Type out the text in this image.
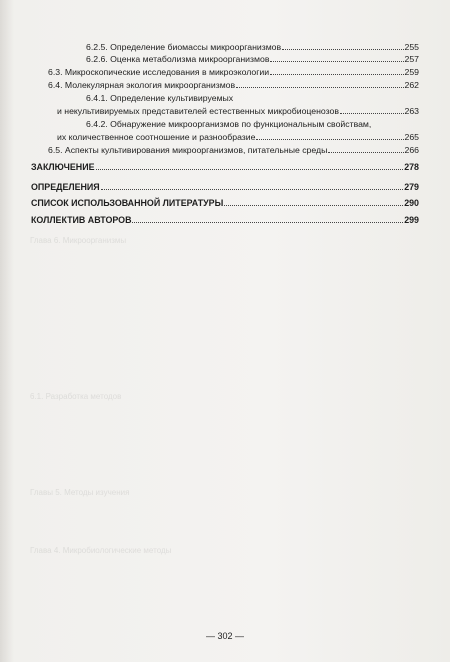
Глава 6. Микроорганизмы
6.1. Разработка методов
Главы 5. Методы изучения
Глава 4. Микробиологические методы
6.2.5. Определение биомассы микроорганизмов	255
6.2.6. Оценка метаболизма микроорганизмов	257
6.3. Микроскопические исследования в микроэкологии	259
6.4. Молекулярная экология микроорганизмов	262
6.4.1. Определение культивируемых
и некультивируемых представителей естественных микробиоценозов	263
6.4.2. Обнаружение микроорганизмов по функциональным свойствам,
их количественное соотношение и разнообразие	265
6.5. Аспекты культивирования микроорганизмов, питательные среды	266
ЗАКЛЮЧЕНИЕ	278
ОПРЕДЕЛЕНИЯ	279
СПИСОК ИСПОЛЬЗОВАННОЙ ЛИТЕРАТУРЫ	290
КОЛЛЕКТИВ АВТОРОВ	299
— 302 —
